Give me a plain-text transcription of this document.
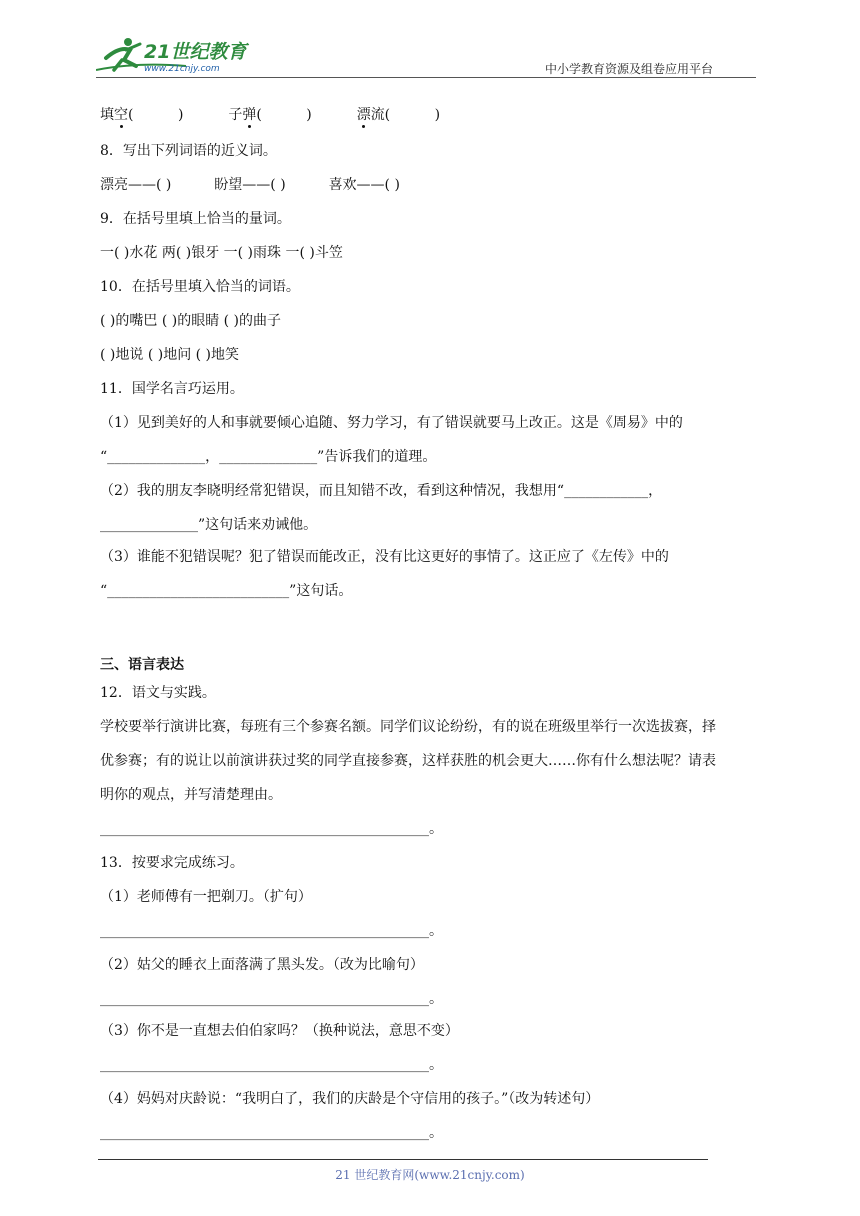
21世纪教育
www.21cnjy.com	中小学教育资源及组卷应用平台
填空(          )	子弹(          )	漂流(          )
8．写出下列词语的近义词。
漂亮——( )	盼望——( )	喜欢——( )
9．在括号里填上恰当的量词。
一( )水花 两( )银牙 一( )雨珠 一( )斗笠
10．在括号里填入恰当的词语。
( )的嘴巴 ( )的眼睛 ( )的曲子
( )地说 ( )地问 ( )地笑
11．国学名言巧运用。
（1）见到美好的人和事就要倾心追随、努力学习，有了错误就要马上改正。这是《周易》中的
“______________，______________”告诉我们的道理。
（2）我的朋友李晓明经常犯错误，而且知错不改，看到这种情况，我想用“____________，
______________”这句话来劝诫他。
（3）谁能不犯错误呢？犯了错误而能改正，没有比这更好的事情了。这正应了《左传》中的
“__________________________”这句话。
三、语言表达
12．语文与实践。
学校要举行演讲比赛，每班有三个参赛名额。同学们议论纷纷，有的说在班级里举行一次选拔赛，择
优参赛；有的说让以前演讲获过奖的同学直接参赛，这样获胜的机会更大……你有什么想法呢？请表
明你的观点，并写清楚理由。
_______________________________________________。
13．按要求完成练习。
（1）老师傅有一把剃刀。（扩句）
_______________________________________________。
（2）姑父的睡衣上面落满了黑头发。（改为比喻句）
_______________________________________________。
（3）你不是一直想去伯伯家吗？（换种说法，意思不变）
_______________________________________________。
（4）妈妈对庆龄说：“我明白了，我们的庆龄是个守信用的孩子。”（改为转述句）
_______________________________________________。
21 世纪教育网(www.21cnjy.com)
